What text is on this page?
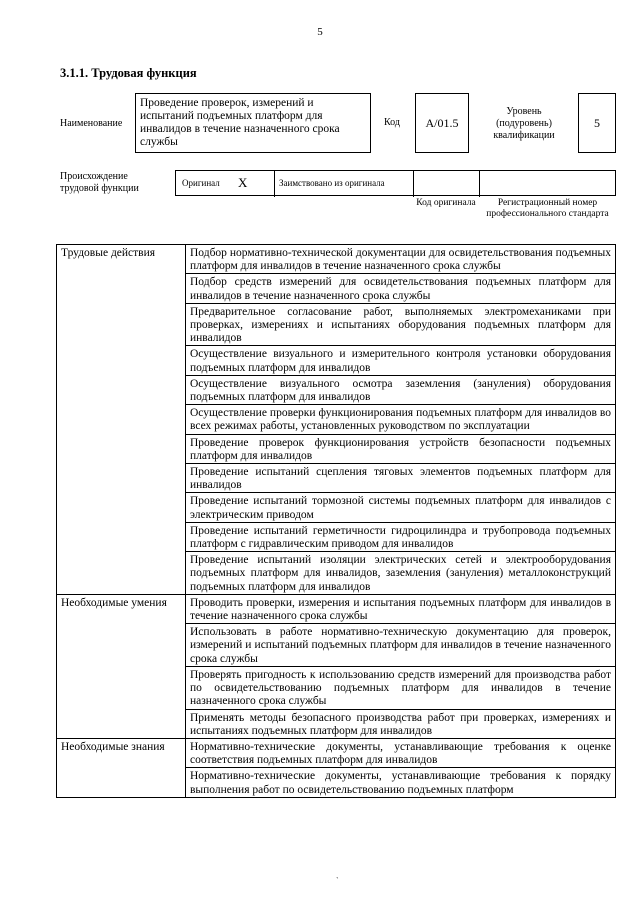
5
3.1.1. Трудовая функция
Наименование
Проведение проверок, измерений и испытаний подъемных платформ для инвалидов в течение назначенного срока службы
Код A/01.5
Уровень (подуровень) квалификации
5
Происхождение трудовой функции	Оригинал X	Заимствовано из оригинала
Код оригинала	Регистрационный номер профессионального стандарта
Трудовые действия	Подбор нормативно-технической документации для освидетельствования подъемных платформ для инвалидов в течение назначенного срока службы
	Подбор средств измерений для освидетельствования подъемных платформ для инвалидов в течение назначенного срока службы
	Предварительное согласование работ, выполняемых электромеханиками при проверках, измерениях и испытаниях оборудования подъемных платформ для инвалидов
	Осуществление визуального и измерительного контроля установки оборудования подъемных платформ для инвалидов
	Осуществление визуального осмотра заземления (зануления) оборудования подъемных платформ для инвалидов
	Осуществление проверки функционирования подъемных платформ для инвалидов во всех режимах работы, установленных руководством по эксплуатации
	Проведение проверок функционирования устройств безопасности подъемных платформ для инвалидов
	Проведение испытаний сцепления тяговых элементов подъемных платформ для инвалидов
	Проведение испытаний тормозной системы подъемных платформ для инвалидов с электрическим приводом
	Проведение испытаний герметичности гидроцилиндра и трубопровода подъемных платформ с гидравлическим приводом для инвалидов
	Проведение испытаний изоляции электрических сетей и электрооборудования подъемных платформ для инвалидов, заземления (зануления) металлоконструкций подъемных платформ для инвалидов
Необходимые умения	Проводить проверки, измерения и испытания подъемных платформ для инвалидов в течение назначенного срока службы
	Использовать в работе нормативно-техническую документацию для проверок, измерений и испытаний подъемных платформ для инвалидов в течение назначенного срока службы
	Проверять пригодность к использованию средств измерений для производства работ по освидетельствованию подъемных платформ для инвалидов в течение назначенного срока службы
	Применять методы безопасного производства работ при проверках, измерениях и испытаниях подъемных платформ для инвалидов
Необходимые знания	Нормативно-технические документы, устанавливающие требования к оценке соответствия подъемных платформ для инвалидов
	Нормативно-технические документы, устанавливающие требования к порядку выполнения работ по освидетельствованию подъемных платформ
`
